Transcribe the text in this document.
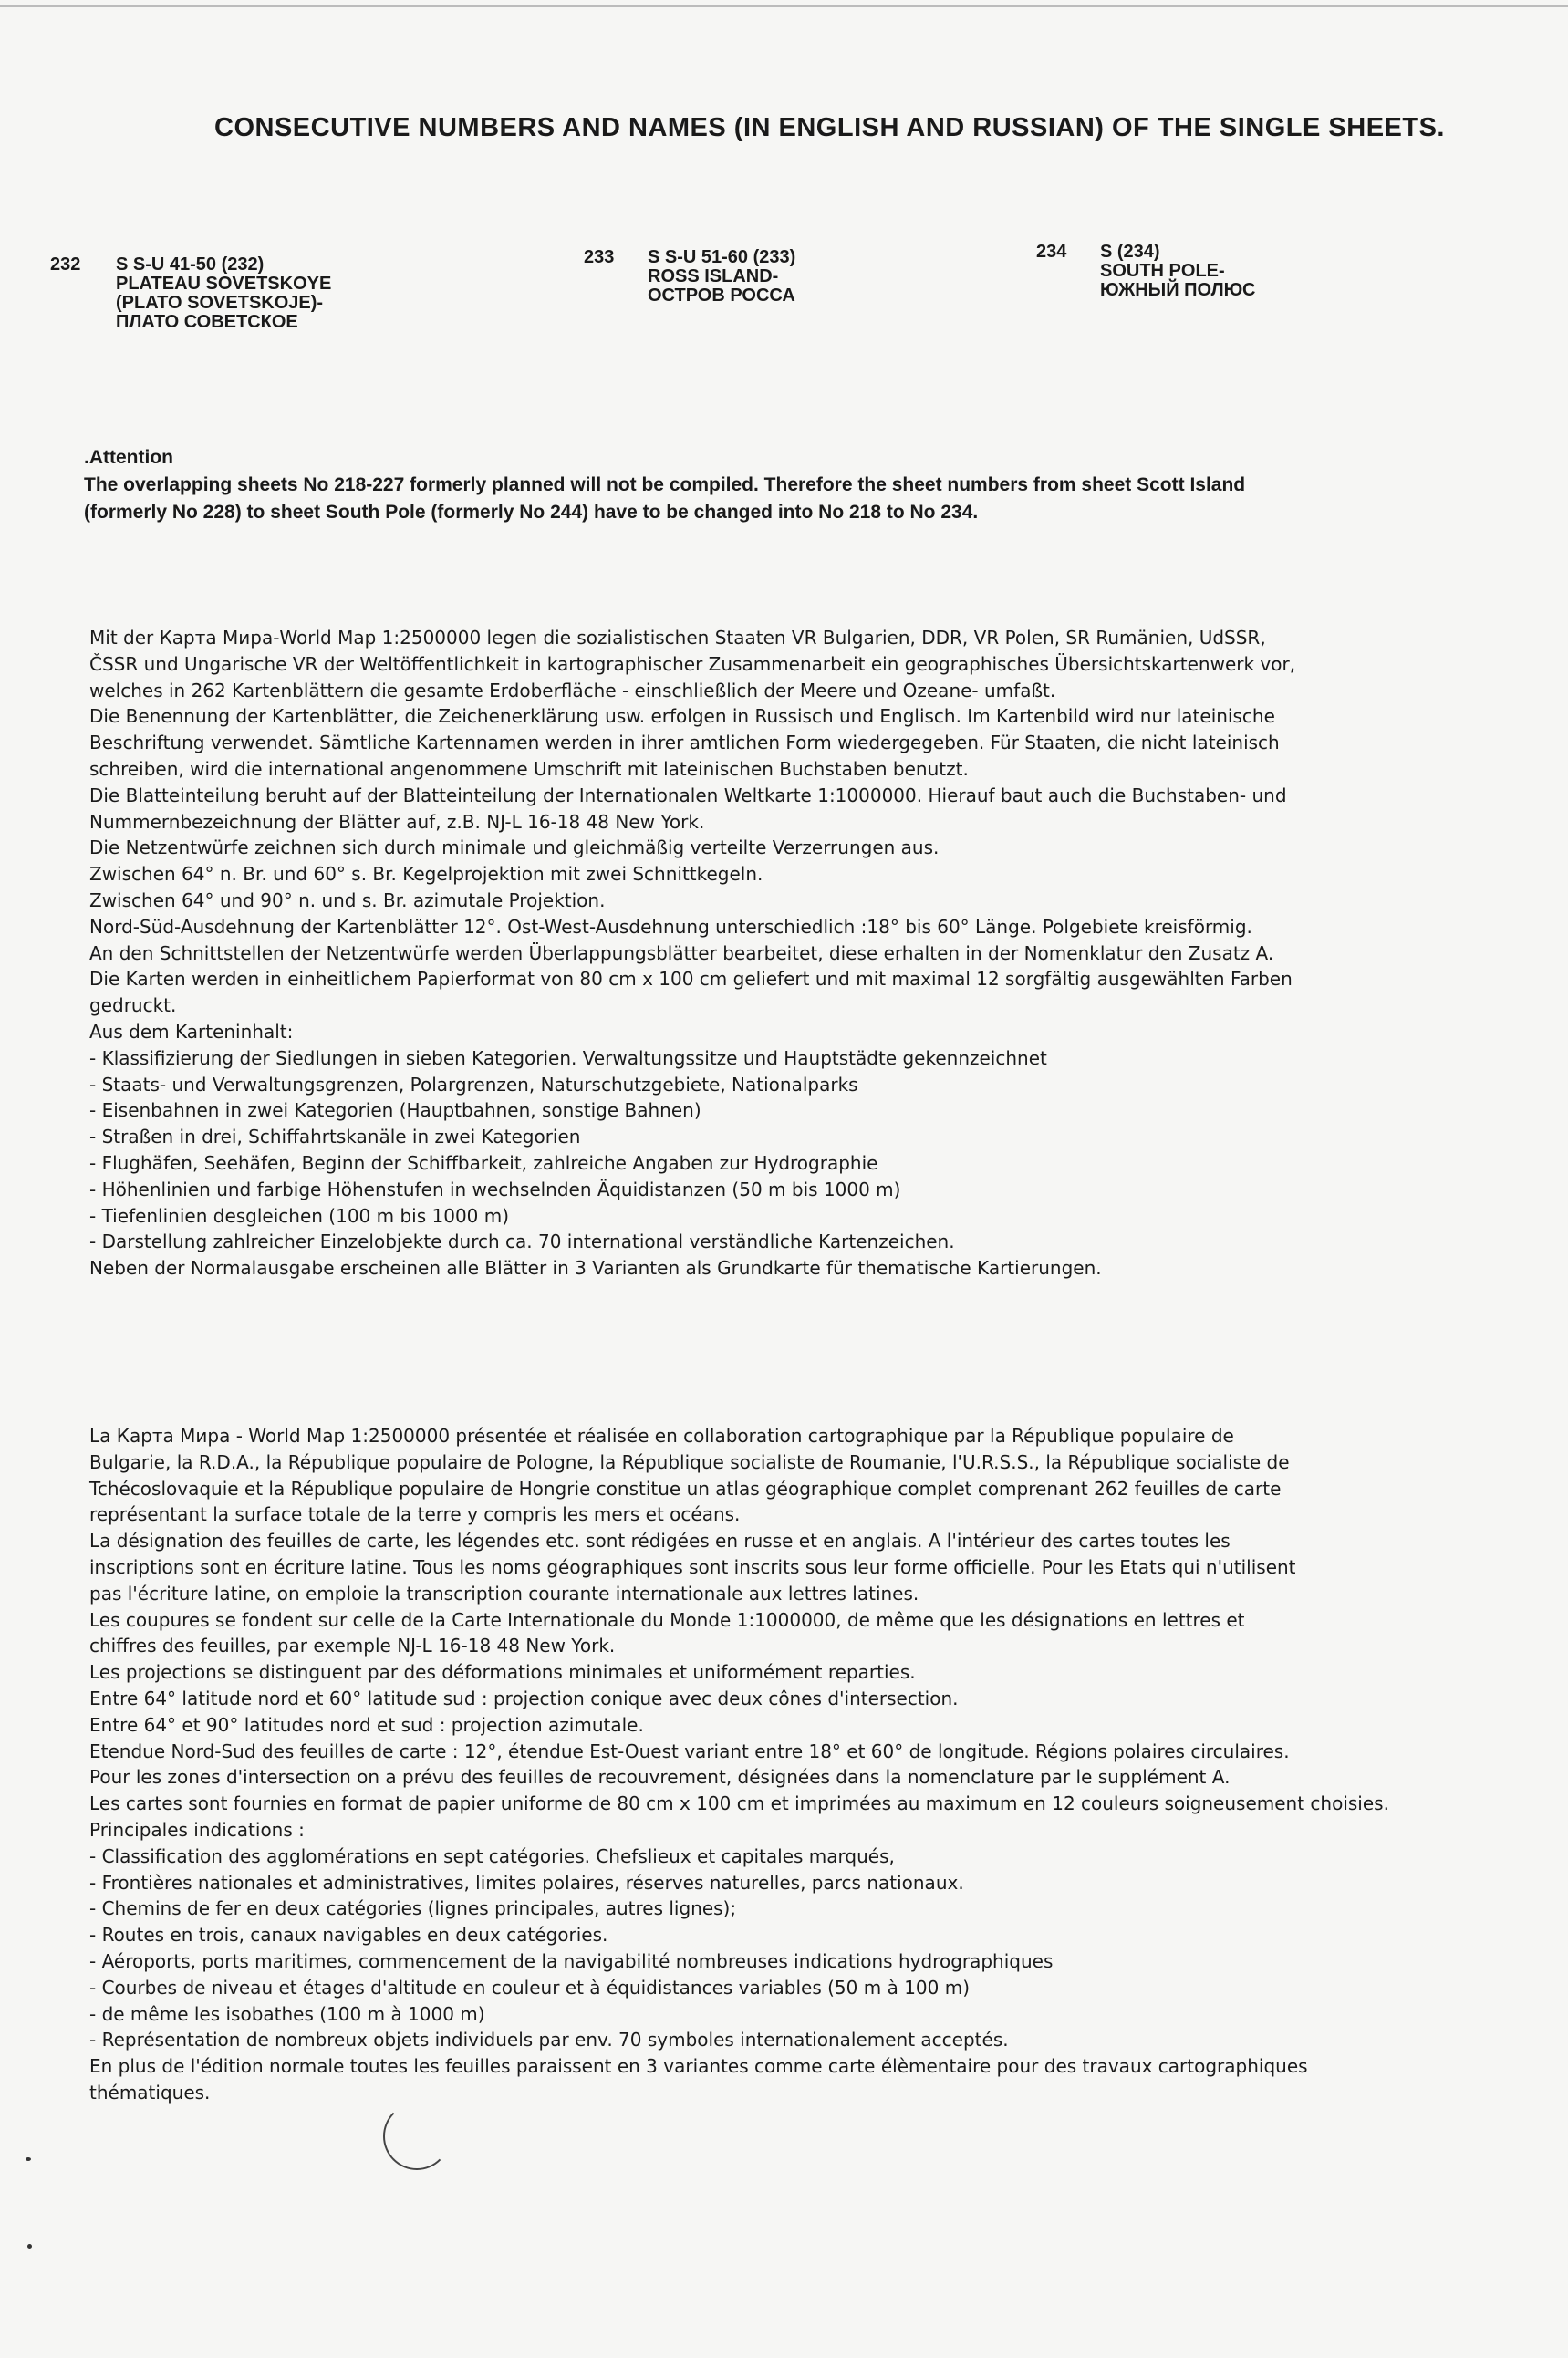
CONSECUTIVE NUMBERS AND NAMES (IN ENGLISH AND RUSSIAN) OF THE SINGLE SHEETS.
232 S S-U 41-50 (232)
PLATEAU SOVETSKOYE
(PLATO SOVETSKOJE)-
ПЛАТО СОВЕТСКОЕ
233 S S-U 51-60 (233)
ROSS ISLAND-
ОСТРОВ РОССА
234 S (234)
SOUTH POLE-
ЮЖНЫЙ ПОЛЮС
.Attention
The overlapping sheets No 218-227 formerly planned will not be compiled. Therefore the sheet numbers from sheet Scott Island
(formerly No 228) to sheet South Pole (formerly No 244) have to be changed into No 218 to No 234.
Mit der Карта Мира-World Map 1:2500000 legen die sozialistischen Staaten VR Bulgarien, DDR, VR Polen, SR Rumänien, UdSSR,
ČSSR und Ungarische VR der Weltöffentlichkeit in kartographischer Zusammenarbeit ein geographisches Übersichtskartenwerk vor,
welches in 262 Kartenblättern die gesamte Erdoberfläche - einschließlich der Meere und Ozeane- umfaßt.
Die Benennung der Kartenblätter, die Zeichenerklärung usw. erfolgen in Russisch und Englisch. Im Kartenbild wird nur lateinische
Beschriftung verwendet. Sämtliche Kartennamen werden in ihrer amtlichen Form wiedergegeben. Für Staaten, die nicht lateinisch
schreiben, wird die international angenommene Umschrift mit lateinischen Buchstaben benutzt.
Die Blatteinteilung beruht auf der Blatteinteilung der Internationalen Weltkarte 1:1000000. Hierauf baut auch die Buchstaben- und
Nummernbezeichnung der Blätter auf, z.B. NJ-L 16-18 48 New York.
Die Netzentwürfe zeichnen sich durch minimale und gleichmäßig verteilte Verzerrungen aus.
Zwischen 64° n. Br. und 60° s. Br. Kegelprojektion mit zwei Schnittkegeln.
Zwischen 64° und 90° n. und s. Br. azimutale Projektion.
Nord-Süd-Ausdehnung der Kartenblätter 12°. Ost-West-Ausdehnung unterschiedlich :18° bis 60° Länge. Polgebiete kreisförmig.
An den Schnittstellen der Netzentwürfe werden Überlappungsblätter bearbeitet, diese erhalten in der Nomenklatur den Zusatz A.
Die Karten werden in einheitlichem Papierformat von 80 cm x 100 cm geliefert und mit maximal 12 sorgfältig ausgewählten Farben
gedruckt.
Aus dem Karteninhalt:
- Klassifizierung der Siedlungen in sieben Kategorien. Verwaltungssitze und Hauptstädte gekennzeichnet
- Staats- und Verwaltungsgrenzen, Polargrenzen, Naturschutzgebiete, Nationalparks
- Eisenbahnen in zwei Kategorien (Hauptbahnen, sonstige Bahnen)
- Straßen in drei, Schiffahrtskanäle in zwei Kategorien
- Flughäfen, Seehäfen, Beginn der Schiffbarkeit, zahlreiche Angaben zur Hydrographie
- Höhenlinien und farbige Höhenstufen in wechselnden Äquidistanzen (50 m bis 1000 m)
- Tiefenlinien desgleichen (100 m bis 1000 m)
- Darstellung zahlreicher Einzelobjekte durch ca. 70 international verständliche Kartenzeichen.
Neben der Normalausgabe erscheinen alle Blätter in 3 Varianten als Grundkarte für thematische Kartierungen.
La Карта Мира - World Map 1:2500000 présentée et réalisée en collaboration cartographique par la République populaire de
Bulgarie, la R.D.A., la République populaire de Pologne, la République socialiste de Roumanie, l'U.R.S.S., la République socialiste de
Tchécoslovaquie et la République populaire de Hongrie constitue un atlas géographique complet comprenant 262 feuilles de carte
représentant la surface totale de la terre y compris les mers et océans.
La désignation des feuilles de carte, les légendes etc. sont rédigées en russe et en anglais. A l'intérieur des cartes toutes les
inscriptions sont en écriture latine. Tous les noms géographiques sont inscrits sous leur forme officielle. Pour les Etats qui n'utilisent
pas l'écriture latine, on emploie la transcription courante internationale aux lettres latines.
Les coupures se fondent sur celle de la Carte Internationale du Monde 1:1000000, de même que les désignations en lettres et
chiffres des feuilles, par exemple NJ-L 16-18 48 New York.
Les projections se distinguent par des déformations minimales et uniformément reparties.
Entre 64° latitude nord et 60° latitude sud : projection conique avec deux cônes d'intersection.
Entre 64° et 90° latitudes nord et sud : projection azimutale.
Etendue Nord-Sud des feuilles de carte : 12°, étendue Est-Ouest variant entre 18° et 60° de longitude. Régions polaires circulaires.
Pour les zones d'intersection on a prévu des feuilles de recouvrement, désignées dans la nomenclature par le supplément A.
Les cartes sont fournies en format de papier uniforme de 80 cm x 100 cm et imprimées au maximum en 12 couleurs soigneusement choisies.
Principales indications :
- Classification des agglomérations en sept catégories. Chefslieux et capitales marqués,
- Frontières nationales et administratives, limites polaires, réserves naturelles, parcs nationaux.
- Chemins de fer en deux catégories (lignes principales, autres lignes);
- Routes en trois, canaux navigables en deux catégories.
- Aéroports, ports maritimes, commencement de la navigabilité nombreuses indications hydrographiques
- Courbes de niveau et étages d'altitude en couleur et à équidistances variables (50 m à 100 m)
- de même les isobathes (100 m à 1000 m)
- Représentation de nombreux objets individuels par env. 70 symboles internationalement acceptés.
En plus de l'édition normale toutes les feuilles paraissent en 3 variantes comme carte élèmentaire pour des travaux cartographiques
thématiques.
